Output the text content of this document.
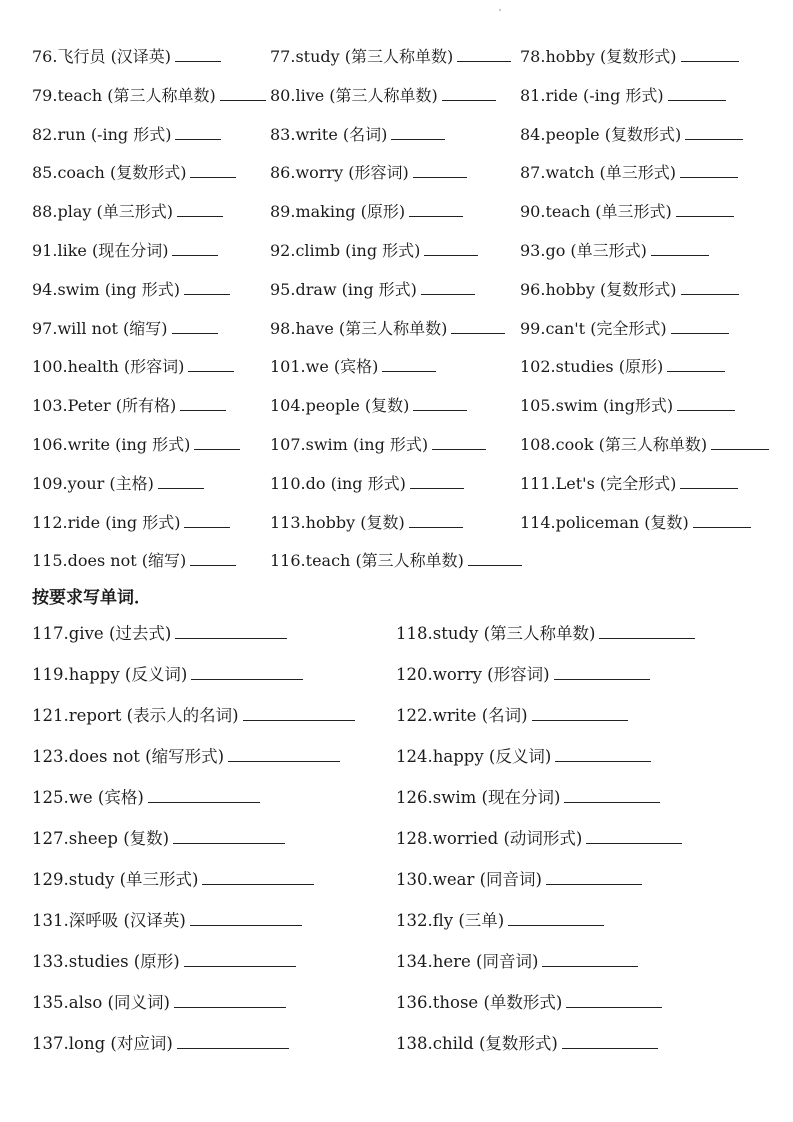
76.飞行员 (汉译英)	77.study (第三人称单数)	78.hobby (复数形式)
79.teach (第三人称单数)	80.live (第三人称单数)	81.ride (-ing 形式)
82.run (-ing 形式)	83.write (名词)	84.people (复数形式)
85.coach (复数形式)	86.worry (形容词)	87.watch (单三形式)
88.play (单三形式)	89.making (原形)	90.teach (单三形式)
91.like (现在分词)	92.climb (ing 形式)	93.go (单三形式)
94.swim (ing 形式)	95.draw (ing 形式)	96.hobby (复数形式)
97.will not (缩写)	98.have (第三人称单数)	99.can't (完全形式)
100.health (形容词)	101.we (宾格)	102.studies (原形)
103.Peter (所有格)	104.people (复数)	105.swim (ing形式)
106.write (ing 形式)	107.swim (ing 形式)	108.cook (第三人称单数)
109.your (主格)	110.do (ing 形式)	111.Let's (完全形式)
112.ride (ing 形式)	113.hobby (复数)	114.policeman (复数)
115.does not (缩写)	116.teach (第三人称单数)
按要求写单词．
117.give (过去式)	118.study (第三人称单数)
119.happy (反义词)	120.worry (形容词)
121.report (表示人的名词)	122.write (名词)
123.does not (缩写形式)	124.happy (反义词)
125.we (宾格)	126.swim (现在分词)
127.sheep (复数)	128.worried (动词形式)
129.study (单三形式)	130.wear (同音词)
131.深呼吸 (汉译英)	132.fly (三单)
133.studies (原形)	134.here (同音词)
135.also (同义词)	136.those (单数形式)
137.long (对应词)	138.child (复数形式)
